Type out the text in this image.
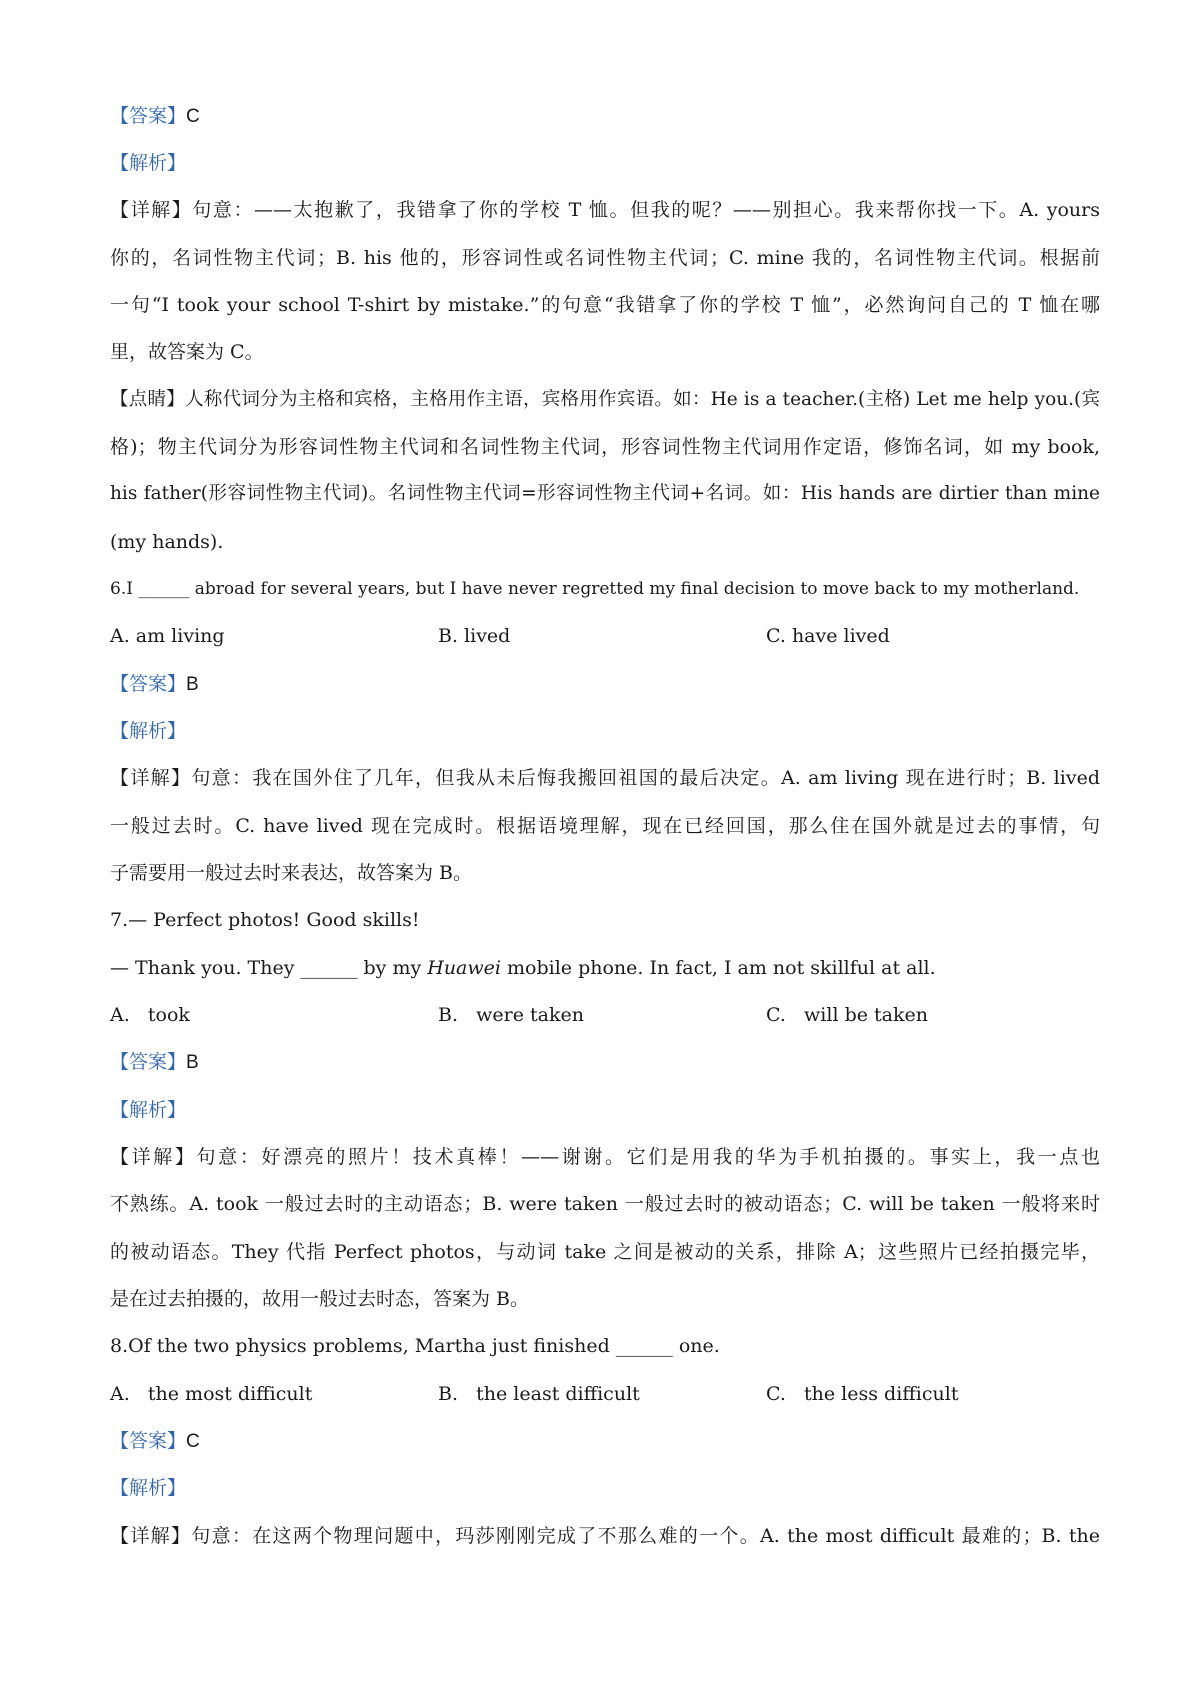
【答案】C
【解析】
【详解】句意：——太抱歉了，我错拿了你的学校 T 恤。但我的呢？——别担心。我来帮你找一下。A. yours
你的，名词性物主代词；B. his 他的，形容词性或名词性物主代词；C. mine 我的，名词性物主代词。根据前
一句“I took your school T-shirt by mistake.”的句意“我错拿了你的学校 T 恤”，必然询问自己的 T 恤在哪
里，故答案为 C。
【点睛】人称代词分为主格和宾格，主格用作主语，宾格用作宾语。如：He is a teacher.(主格) Let me help you.(宾
格)；物主代词分为形容词性物主代词和名词性物主代词，形容词性物主代词用作定语，修饰名词，如 my book,
his father(形容词性物主代词)。名词性物主代词=形容词性物主代词+名词。如：His hands are dirtier than mine
(my hands).
6.I ______ abroad for several years, but I have never regretted my final decision to move back to my motherland.
A. am living	B. lived	C. have lived
【答案】B
【解析】
【详解】句意：我在国外住了几年，但我从未后悔我搬回祖国的最后决定。A. am living 现在进行时；B. lived
一般过去时。C. have lived 现在完成时。根据语境理解，现在已经回国，那么住在国外就是过去的事情，句
子需要用一般过去时来表达，故答案为 B。
7.— Perfect photos! Good skills!
— Thank you. They ______ by my Huawei mobile phone. In fact, I am not skillful at all.
A. took	B. were taken	C. will be taken
【答案】B
【解析】
【详解】句意：好漂亮的照片！技术真棒！——谢谢。它们是用我的华为手机拍摄的。事实上，我一点也
不熟练。A. took 一般过去时的主动语态；B. were taken 一般过去时的被动语态；C. will be taken 一般将来时
的被动语态。They 代指 Perfect photos，与动词 take 之间是被动的关系，排除 A；这些照片已经拍摄完毕，
是在过去拍摄的，故用一般过去时态，答案为 B。
8.Of the two physics problems, Martha just finished ______ one.
A. the most difficult	B. the least difficult	C. the less difficult
【答案】C
【解析】
【详解】句意：在这两个物理问题中，玛莎刚刚完成了不那么难的一个。A. the most difficult 最难的；B. the
